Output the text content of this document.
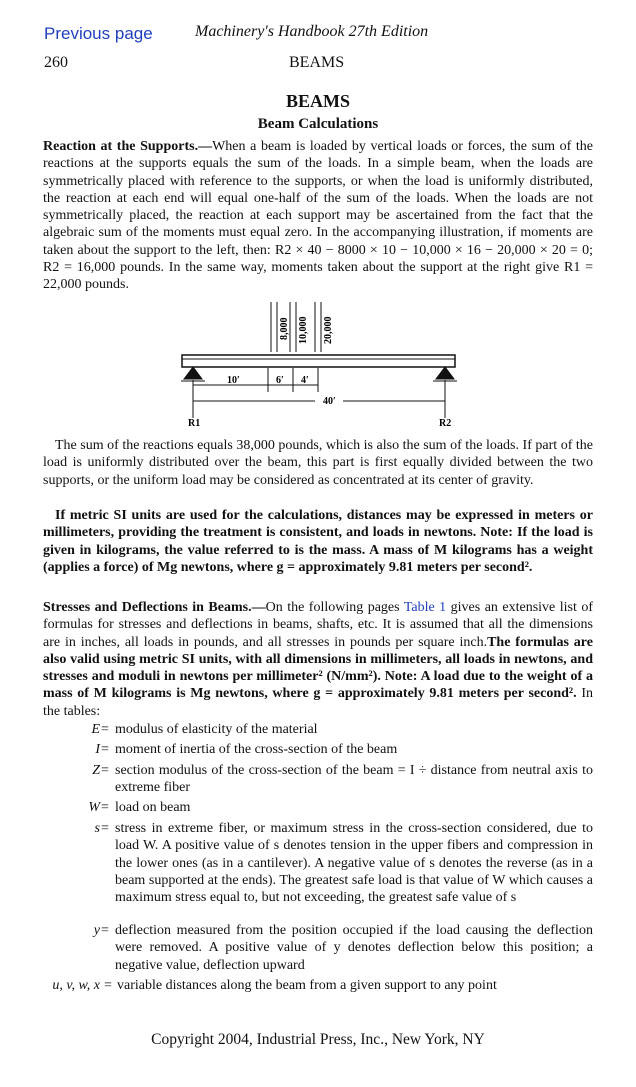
Previous page	Machinery's Handbook 27th Edition
260	BEAMS
BEAMS
Beam Calculations

Reaction at the Supports.—When a beam is loaded by vertical loads or forces, the sum of the reactions at the supports equals the sum of the loads. In a simple beam, when the loads are symmetrically placed with reference to the supports, or when the load is uniformly distributed, the reaction at each end will equal one-half of the sum of the loads. When the loads are not symmetrically placed, the reaction at each support may be ascertained from the fact that the algebraic sum of the moments must equal zero. In the accompanying illustration, if moments are taken about the support to the left, then: R2 × 40 − 8000 × 10 − 10,000 × 16 − 20,000 × 20 = 0; R2 = 16,000 pounds. In the same way, moments taken about the support at the right give R1 = 22,000 pounds.

8,000 10,000 20,000
10′	6′ 4′
40′
R1	R2

The sum of the reactions equals 38,000 pounds, which is also the sum of the loads. If part of the load is uniformly distributed over the beam, this part is first equally divided between the two supports, or the uniform load may be considered as concentrated at its center of gravity.

If metric SI units are used for the calculations, distances may be expressed in meters or millimeters, providing the treatment is consistent, and loads in newtons. Note: If the load is given in kilograms, the value referred to is the mass. A mass of M kilograms has a weight (applies a force) of Mg newtons, where g = approximately 9.81 meters per second².

Stresses and Deflections in Beams.—On the following pages Table 1 gives an extensive list of formulas for stresses and deflections in beams, shafts, etc. It is assumed that all the dimensions are in inches, all loads in pounds, and all stresses in pounds per square inch.The formulas are also valid using metric SI units, with all dimensions in millimeters, all loads in newtons, and stresses and moduli in newtons per millimeter² (N/mm²). Note: A load due to the weight of a mass of M kilograms is Mg newtons, where g = approximately 9.81 meters per second². In the tables:

E = modulus of elasticity of the material
I = moment of inertia of the cross-section of the beam
Z = section modulus of the cross-section of the beam = I ÷ distance from neutral axis to extreme fiber
W = load on beam
s = stress in extreme fiber, or maximum stress in the cross-section considered, due to load W. A positive value of s denotes tension in the upper fibers and compression in the lower ones (as in a cantilever). A negative value of s denotes the reverse (as in a beam supported at the ends). The greatest safe load is that value of W which causes a maximum stress equal to, but not exceeding, the greatest safe value of s
y = deflection measured from the position occupied if the load causing the deflection were removed. A positive value of y denotes deflection below this position; a negative value, deflection upward
u, v, w, x = variable distances along the beam from a given support to any point
Copyright 2004, Industrial Press, Inc., New York, NY
